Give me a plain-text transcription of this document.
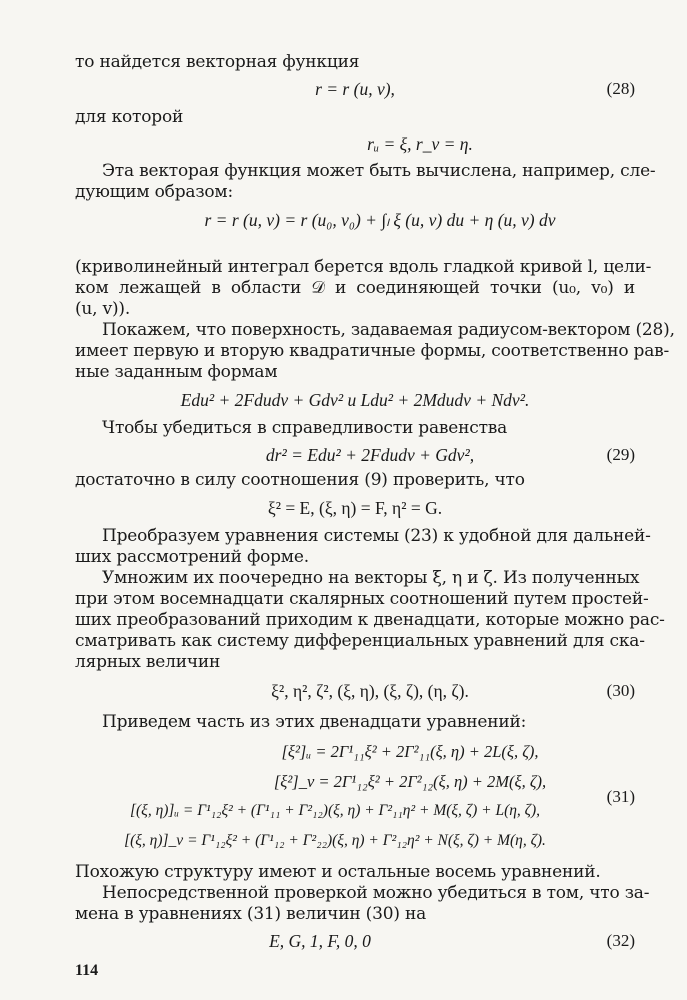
то найдется векторная функция
r = r (u, v),	(28)
для которой
rᵤ = ξ, r_v = η.
Эта векторая функция может быть вычислена, например, сле-
дующим образом:
r = r (u, v) = r (u₀, v₀) + ∫ₗ ξ (u, v) du + η (u, v) dv
(криволинейный интеграл берется вдоль гладкой кривой l, цели-
ком лежащей в области 𝒟 и соединяющей точки (u₀, v₀) и
(u, v)).
Покажем, что поверхность, задаваемая радиусом-вектором (28),
имеет первую и вторую квадратичные формы, соответственно рав-
ные заданным формам
Edu² + 2Fdudv + Gdv² и Ldu² + 2Mdudv + Ndv².
Чтобы убедиться в справедливости равенства
dr² = Edu² + 2Fdudv + Gdv²,	(29)
достаточно в силу соотношения (9) проверить, что
ξ² = E, (ξ, η) = F, η² = G.
Преобразуем уравнения системы (23) к удобной для дальней-
ших рассмотрений форме.
Умножим их поочередно на векторы ξ, η и ζ. Из полученных
при этом восемнадцати скалярных соотношений путем простей-
ших преобразований приходим к двенадцати, которые можно рас-
сматривать как систему дифференциальных уравнений для ска-
лярных величин
ξ², η², ζ², (ξ, η), (ξ, ζ), (η, ζ).	(30)
Приведем часть из этих двенадцати уравнений:
[ξ²]ᵤ = 2Γ¹₁₁ξ² + 2Γ²₁₁(ξ, η) + 2L(ξ, ζ),
[ξ²]_v = 2Γ¹₁₂ξ² + 2Γ²₁₂(ξ, η) + 2M(ξ, ζ),
(31)
[(ξ, η)]ᵤ = Γ¹₁₂ξ² + (Γ¹₁₁ + Γ²₁₂)(ξ, η) + Γ²₁₁η² + M(ξ, ζ) + L(η, ζ),
[(ξ, η)]_v = Γ¹₁₂ξ² + (Γ¹₁₂ + Γ²₂₂)(ξ, η) + Γ²₁₂η² + N(ξ, ζ) + M(η, ζ).
Похожую структуру имеют и остальные восемь уравнений.
Непосредственной проверкой можно убедиться в том, что за-
мена в уравнениях (31) величин (30) на
E, G, 1, F, 0, 0	(32)
114
